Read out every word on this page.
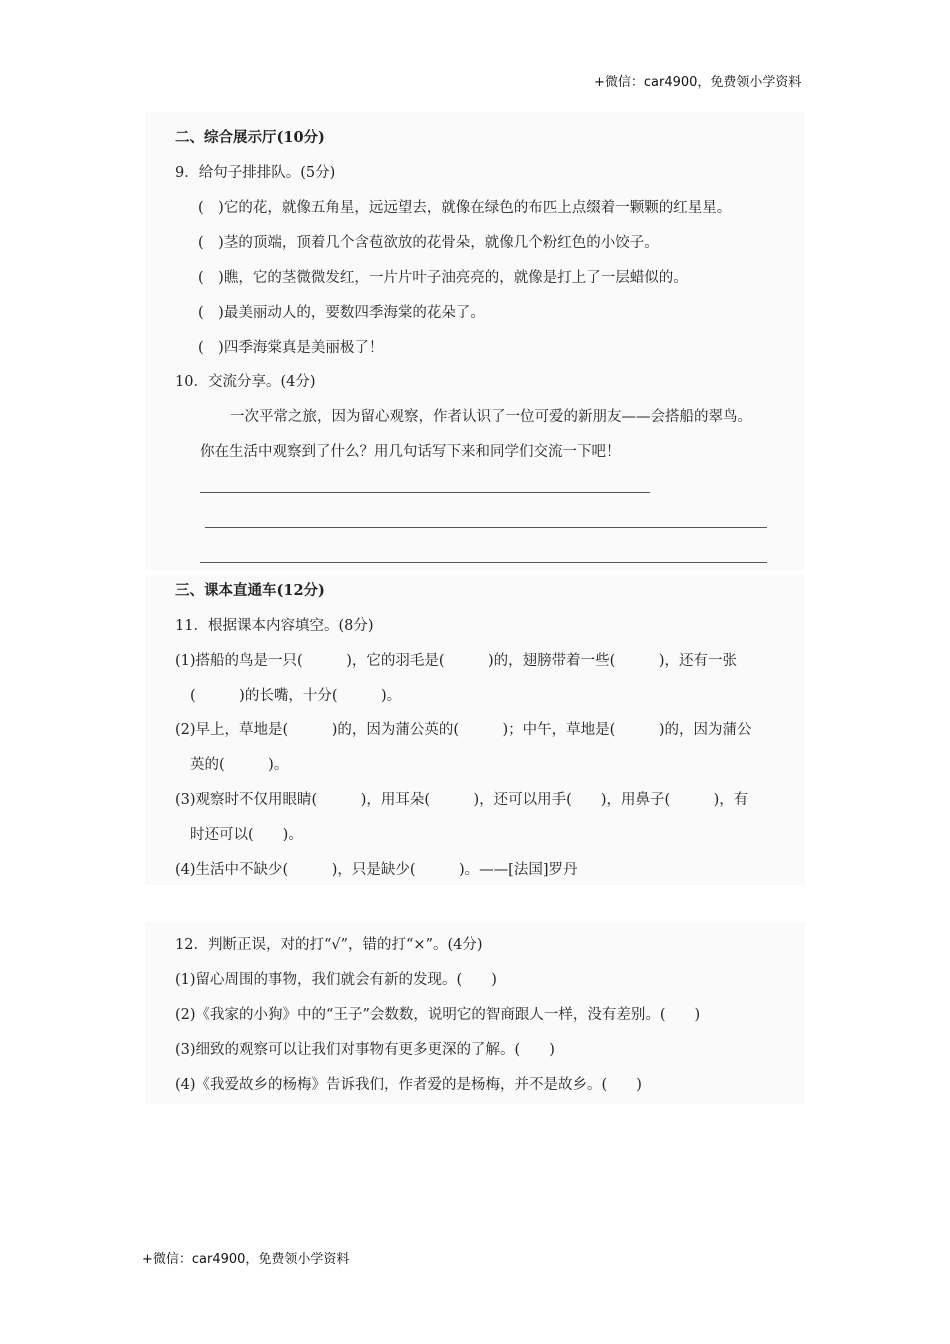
+微信：car4900，免费领小学资料
二、综合展示厅(10分)
9．给句子排排队。(5分)
(　)它的花，就像五角星，远远望去，就像在绿色的布匹上点缀着一颗颗的红星星。
(　)茎的顶端，顶着几个含苞欲放的花骨朵，就像几个粉红色的小饺子。
(　)瞧，它的茎微微发红，一片片叶子油亮亮的，就像是打上了一层蜡似的。
(　)最美丽动人的，要数四季海棠的花朵了。
(　)四季海棠真是美丽极了！
10．交流分享。(4分)
一次平常之旅，因为留心观察，作者认识了一位可爱的新朋友——会搭船的翠鸟。
你在生活中观察到了什么？用几句话写下来和同学们交流一下吧！
三、课本直通车(12分)
11．根据课本内容填空。(8分)
(1)搭船的鸟是一只(　　　)，它的羽毛是(　　　)的，翅膀带着一些(　　　)，还有一张
(　　　)的长嘴，十分(　　　)。
(2)早上，草地是(　　　)的，因为蒲公英的(　　　)；中午，草地是(　　　)的，因为蒲公
英的(　　　)。
(3)观察时不仅用眼睛(　　　)，用耳朵(　　　)，还可以用手(　　)，用鼻子(　　　)，有
时还可以(　　)。
(4)生活中不缺少(　　　)，只是缺少(　　　)。——[法国]罗丹
12．判断正误，对的打“√”，错的打“×”。(4分)
(1)留心周围的事物，我们就会有新的发现。(　　)
(2)《我家的小狗》中的“王子”会数数，说明它的智商跟人一样，没有差别。(　　)
(3)细致的观察可以让我们对事物有更多更深的了解。(　　)
(4)《我爱故乡的杨梅》告诉我们，作者爱的是杨梅，并不是故乡。(　　)
+微信：car4900，免费领小学资料
